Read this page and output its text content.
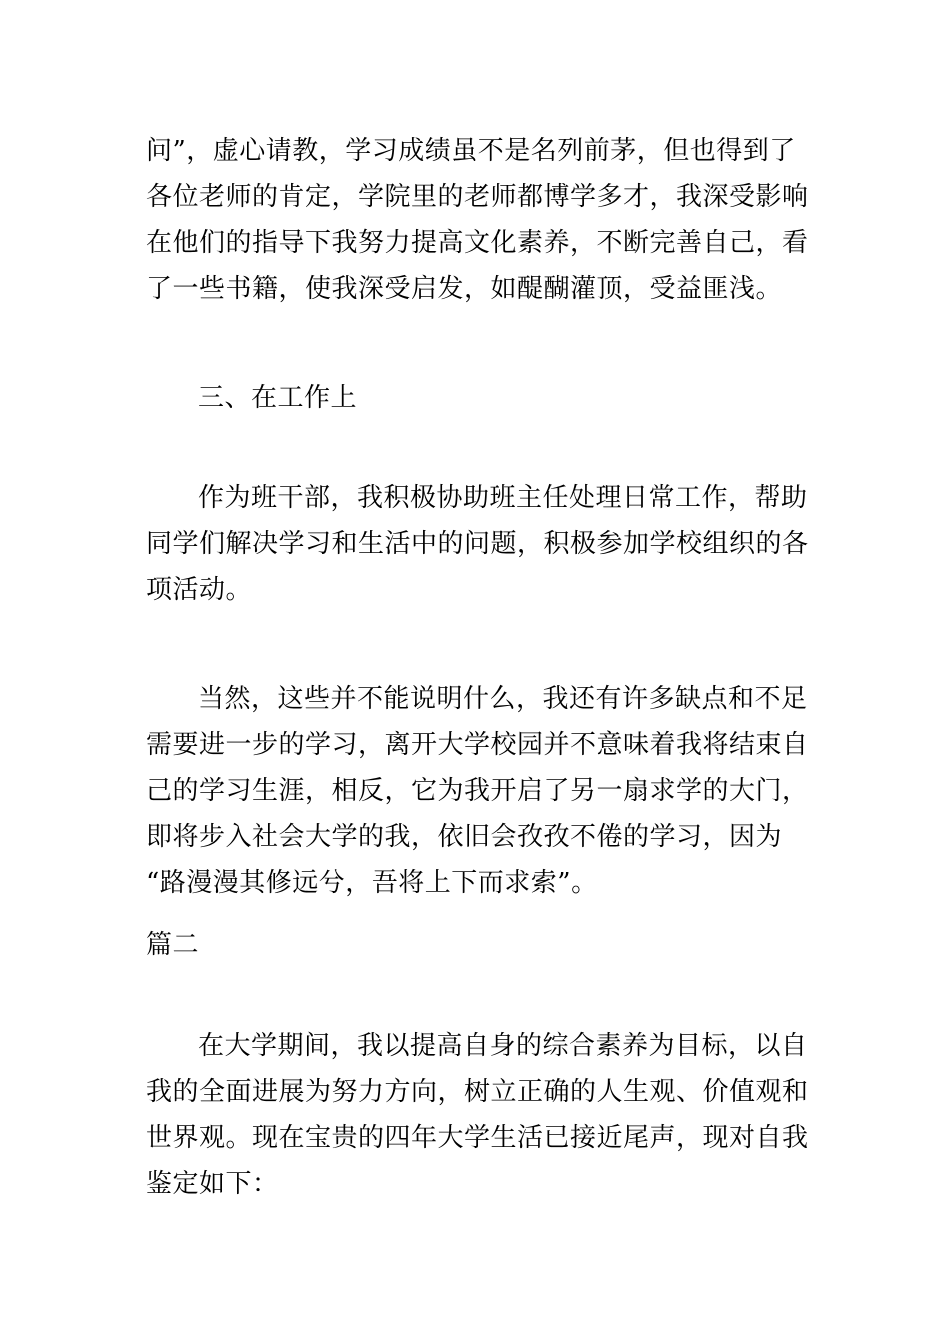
问”，虚心请教，学习成绩虽不是名列前茅，但也得到了
各位老师的肯定，学院里的老师都博学多才，我深受影响
在他们的指导下我努力提高文化素养，不断完善自己，看
了一些书籍，使我深受启发，如醍醐灌顶，受益匪浅。
三、在工作上
作为班干部，我积极协助班主任处理日常工作，帮助
同学们解决学习和生活中的问题，积极参加学校组织的各
项活动。
当然，这些并不能说明什么，我还有许多缺点和不足
需要进一步的学习，离开大学校园并不意味着我将结束自
己的学习生涯，相反，它为我开启了另一扇求学的大门，
即将步入社会大学的我，依旧会孜孜不倦的学习，因为
“路漫漫其修远兮，吾将上下而求索”。
篇二
在大学期间，我以提高自身的综合素养为目标，以自
我的全面进展为努力方向，树立正确的人生观、价值观和
世界观。现在宝贵的四年大学生活已接近尾声，现对自我
鉴定如下：
